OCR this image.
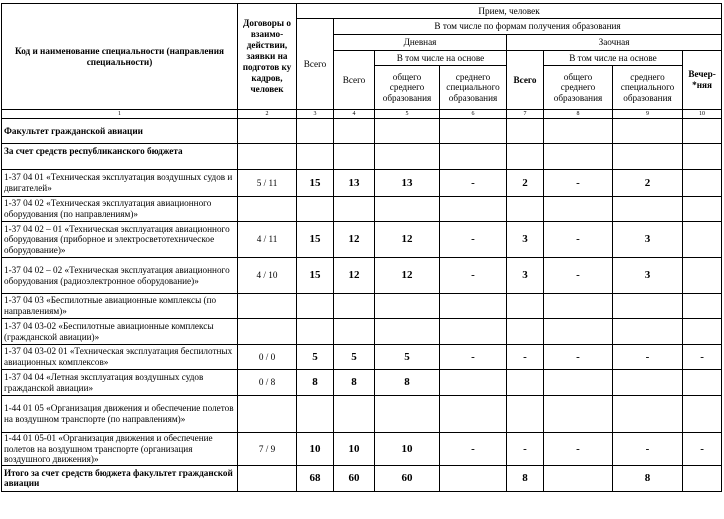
Код и наименование специальности (направления специальности)	Договоры о взаимо-действии, заявки на подготов ку кадров, человек	Прием, человек							
		Всего	В том числе по формам получения образования						
			Дневная			Заочная			
			Всего	В том числе на основе		Всего	В том числе на основе		Вечер-*няя
				общего среднего образования	среднего специального образования		общего среднего образования	среднего специального образования	
1	2	3	4	5	6	7	8	9	10
Факультет гражданской авиации									
За счет средств республиканского бюджета									
1-37 04 01 «Техническая эксплуатация воздушных судов и двигателей»	5 / 11	15	13	13	-	2	-	2	
1-37 04 02 «Техническая эксплуатация авиационного оборудования (по направлениям)»									
1-37 04 02 – 01 «Техническая эксплуатация авиационного оборудования (приборное и электросветотехническое оборудование)»	4 / 11	15	12	12	-	3	-	3	
1-37 04 02 – 02 «Техническая эксплуатация авиационного оборудования (радиоэлектронное оборудование)»	4 / 10	15	12	12	-	3	-	3	
1-37 04 03 «Беспилотные авиационные комплексы (по направлениям)»									
1-37 04 03-02 «Беспилотные авиационные комплексы (гражданской авиации)»									
1-37 04 03-02 01 «Техническая эксплуатация беспилотных авиационных комплексов»	0 / 0	5	5	5	-	-	-	-	-
1-37 04 04 «Летная эксплуатация воздушных судов гражданской авиации»	0 / 8	8	8	8					
1-44 01 05 «Организация движения и обеспечение полетов на воздушном транспорте (по направлениям)»									
1-44 01 05-01 «Организация движения и обеспечение полетов на воздушном транспорте (организация воздушного движения)»	7 / 9	10	10	10	-	-	-	-	-
Итого за счет средств бюджета факультет гражданской авиации		68	60	60		8		8	
